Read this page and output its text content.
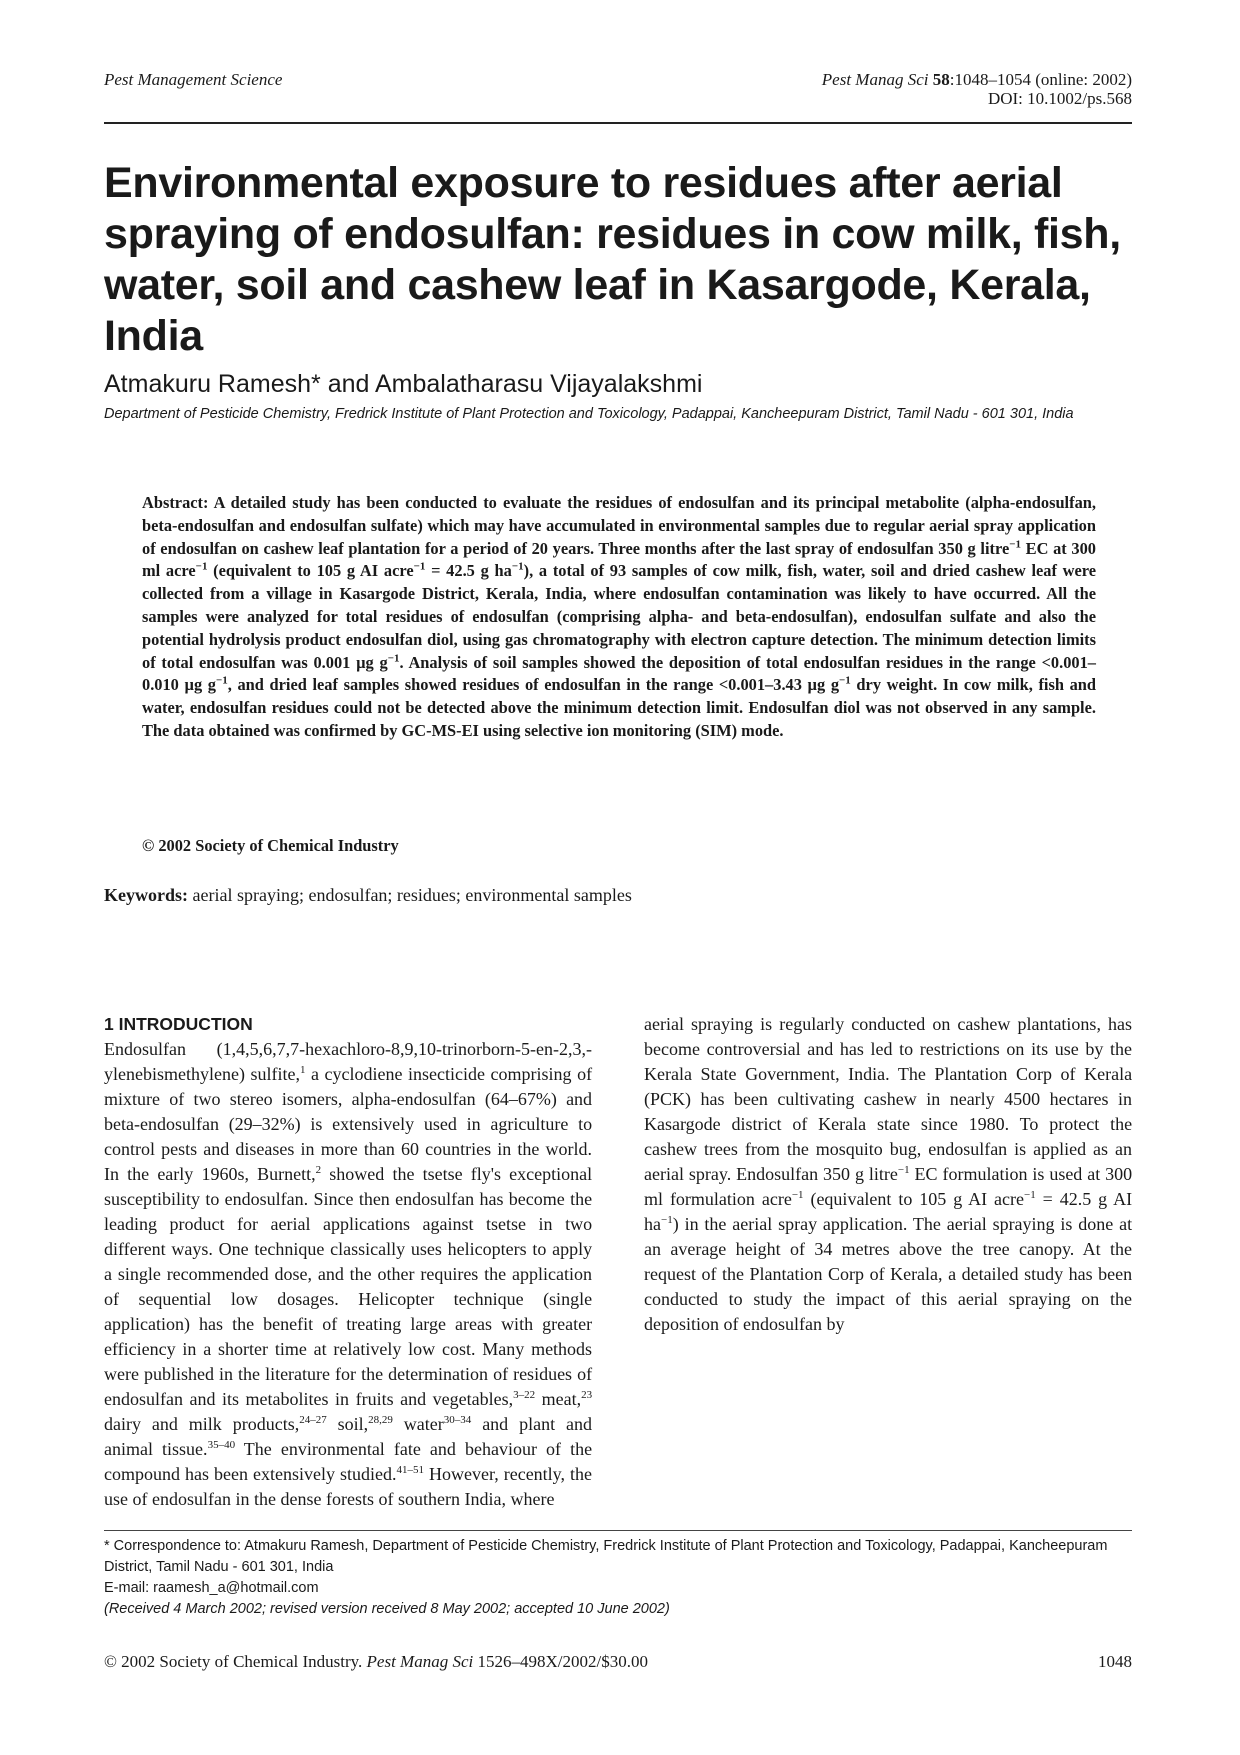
Pest Management Science	Pest Manag Sci 58:1048–1054 (online: 2002)
DOI: 10.1002/ps.568
Environmental exposure to residues after aerial spraying of endosulfan: residues in cow milk, fish, water, soil and cashew leaf in Kasargode, Kerala, India
Atmakuru Ramesh* and Ambalatharasu Vijayalakshmi
Department of Pesticide Chemistry, Fredrick Institute of Plant Protection and Toxicology, Padappai, Kancheepuram District, Tamil Nadu - 601 301, India
Abstract: A detailed study has been conducted to evaluate the residues of endosulfan and its principal metabolite (alpha-endosulfan, beta-endosulfan and endosulfan sulfate) which may have accumulated in environmental samples due to regular aerial spray application of endosulfan on cashew leaf plantation for a period of 20 years. Three months after the last spray of endosulfan 350 g litre$^{-1}$ EC at 300 ml acre$^{-1}$ (equivalent to 105 g AI acre$^{-1}$ = 42.5 g $ha^{-1}$), a total of 93 samples of cow milk, fish, water, soil and dried cashew leaf were collected from a village in Kasargode District, Kerala, India, where endosulfan contamination was likely to have occurred. All the samples were analyzed for total residues of endosulfan (comprising alpha- and beta-endosulfan), endosulfan sulfate and also the potential hydrolysis product endosulfan diol, using gas chromatography with electron capture detection. The minimum detection limits of total endosulfan was 0.001 µg $g^{-1}$. Analysis of soil samples showed the deposition of total endosulfan residues in the range <0.001–0.010 µg $g^{-1}$, and dried leaf samples showed residues of endosulfan in the range <0.001–3.43 µg $g^{-1}$ dry weight. In cow milk, fish and water, endosulfan residues could not be detected above the minimum detection limit. Endosulfan diol was not observed in any sample. The data obtained was confirmed by GC-MS-EI using selective ion monitoring (SIM) mode.
© 2002 Society of Chemical Industry
Keywords: aerial spraying; endosulfan; residues; environmental samples
1 INTRODUCTION

Endosulfan (1,4,5,6,7,7-hexachloro-8,9,10-trinorborn-5-en-2,3,-ylenebismethylene) sulfite,$^1$ a cyclodiene insecticide comprising of mixture of two stereo isomers, alpha-endosulfan (64–67%) and beta-endosulfan (29–32%) is extensively used in agriculture to control pests and diseases in more than 60 countries in the world. In the early 1960s, Burnett,$^2$ showed the tsetse fly's exceptional susceptibility to endosulfan. Since then endosulfan has become the leading product for aerial applications against tsetse in two different ways. One technique classically uses helicopters to apply a single recommended dose, and the other requires the application of sequential low dosages. Helicopter technique (single application) has the benefit of treating large areas with greater efficiency in a shorter time at relatively low cost. Many methods were published in the literature for the determination of residues of endosulfan and its metabolites in fruits and vegetables,$^{3-22}$ meat,$^{23}$ dairy and milk products,$^{24-27}$ soil,$^{28,29}$ water$^{30-34}$ and plant and animal tissue.$^{35-40}$ The environmental fate and behaviour of the compound has been extensively studied.$^{41-51}$ However, recently, the use of endosulfan in the dense forests of southern India, where

aerial spraying is regularly conducted on cashew plantations, has become controversial and has led to restrictions on its use by the Kerala State Government, India. The Plantation Corp of Kerala (PCK) has been cultivating cashew in nearly 4500 hectares in Kasargode district of Kerala state since 1980. To protect the cashew trees from the mosquito bug, endosulfan is applied as an aerial spray. Endosulfan 350 g litre$^{-1}$ EC formulation is used at 300 ml formulation acre$^{-1}$ (equivalent to 105 g AI acre$^{-1}$ = 42.5 g AI $ha^{-1}$) in the aerial spray application. The aerial spraying is done at an average height of 34 metres above the tree canopy. At the request of the Plantation Corp of Kerala, a detailed study has been conducted to study the impact of this aerial spraying on the deposition of endosulfan by

* Correspondence to: Atmakuru Ramesh, Department of Pesticide Chemistry, Fredrick Institute of Plant Protection and Toxicology, Padappai, Kancheepuram District, Tamil Nadu - 601 301, India
E-mail: raamesh_a@hotmail.com
(Received 4 March 2002; revised version received 8 May 2002; accepted 10 June 2002)
© 2002 Society of Chemical Industry. Pest Manag Sci 1526–498X/2002/$30.00	1048
